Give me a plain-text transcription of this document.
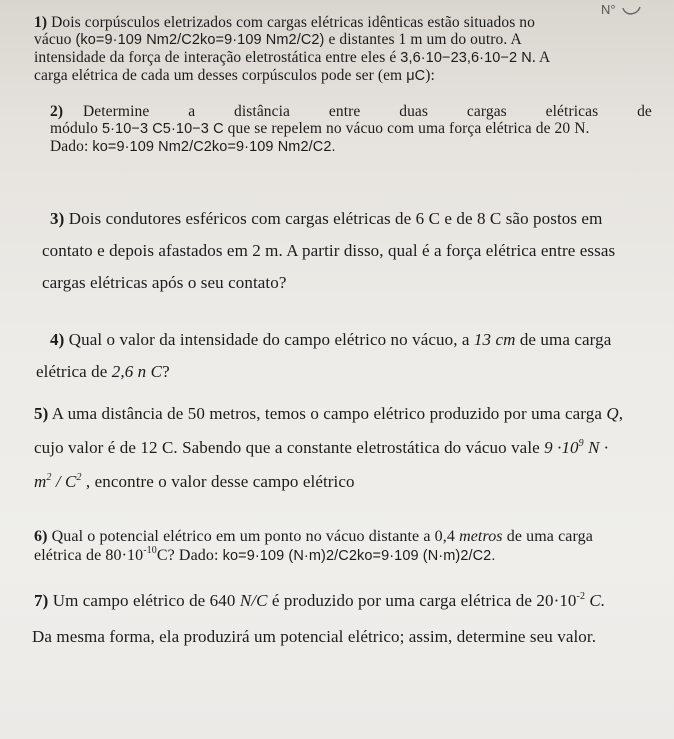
N°
1) Dois corpúsculos eletrizados com cargas elétricas idênticas estão situados no
vácuo (ko=9·109 Nm2/C2ko=9·109 Nm2/C2) e distantes 1 m um do outro. A
intensidade da força de interação eletrostática entre eles é 3,6·10−23,6·10−2 N. A
carga elétrica de cada um desses corpúsculos pode ser (em μC):
2) Determine	a	distância	entre	duas	cargas	elétricas	de
módulo 5·10−3 C5·10−3 C que se repelem no vácuo com uma força elétrica de 20 N.
Dado: ko=9·109 Nm2/C2ko=9·109 Nm2/C2.
3) Dois condutores esféricos com cargas elétricas de 6 C e de 8 C são postos em
contato e depois afastados em 2 m. A partir disso, qual é a força elétrica entre essas
cargas elétricas após o seu contato?
4) Qual o valor da intensidade do campo elétrico no vácuo, a 13 cm de uma carga
elétrica de 2,6 n C?
5) A uma distância de 50 metros, temos o campo elétrico produzido por uma carga Q,
cujo valor é de 12 C. Sabendo que a constante eletrostática do vácuo vale $9 \cdot 10^9$ N ·
$m^2 / C^2$ , encontre o valor desse campo elétrico
6) Qual o potencial elétrico em um ponto no vácuo distante a 0,4 metros de uma carga
elétrica de $80\cdot 10^{-10}C$? Dado: ko=9·109 (N·m)2/C2ko=9·109 (N·m)2/C2.
7) Um campo elétrico de 640 N/C é produzido por uma carga elétrica de $20\cdot 10^{-2}$ C.
Da mesma forma, ela produzirá um potencial elétrico; assim, determine seu valor.
